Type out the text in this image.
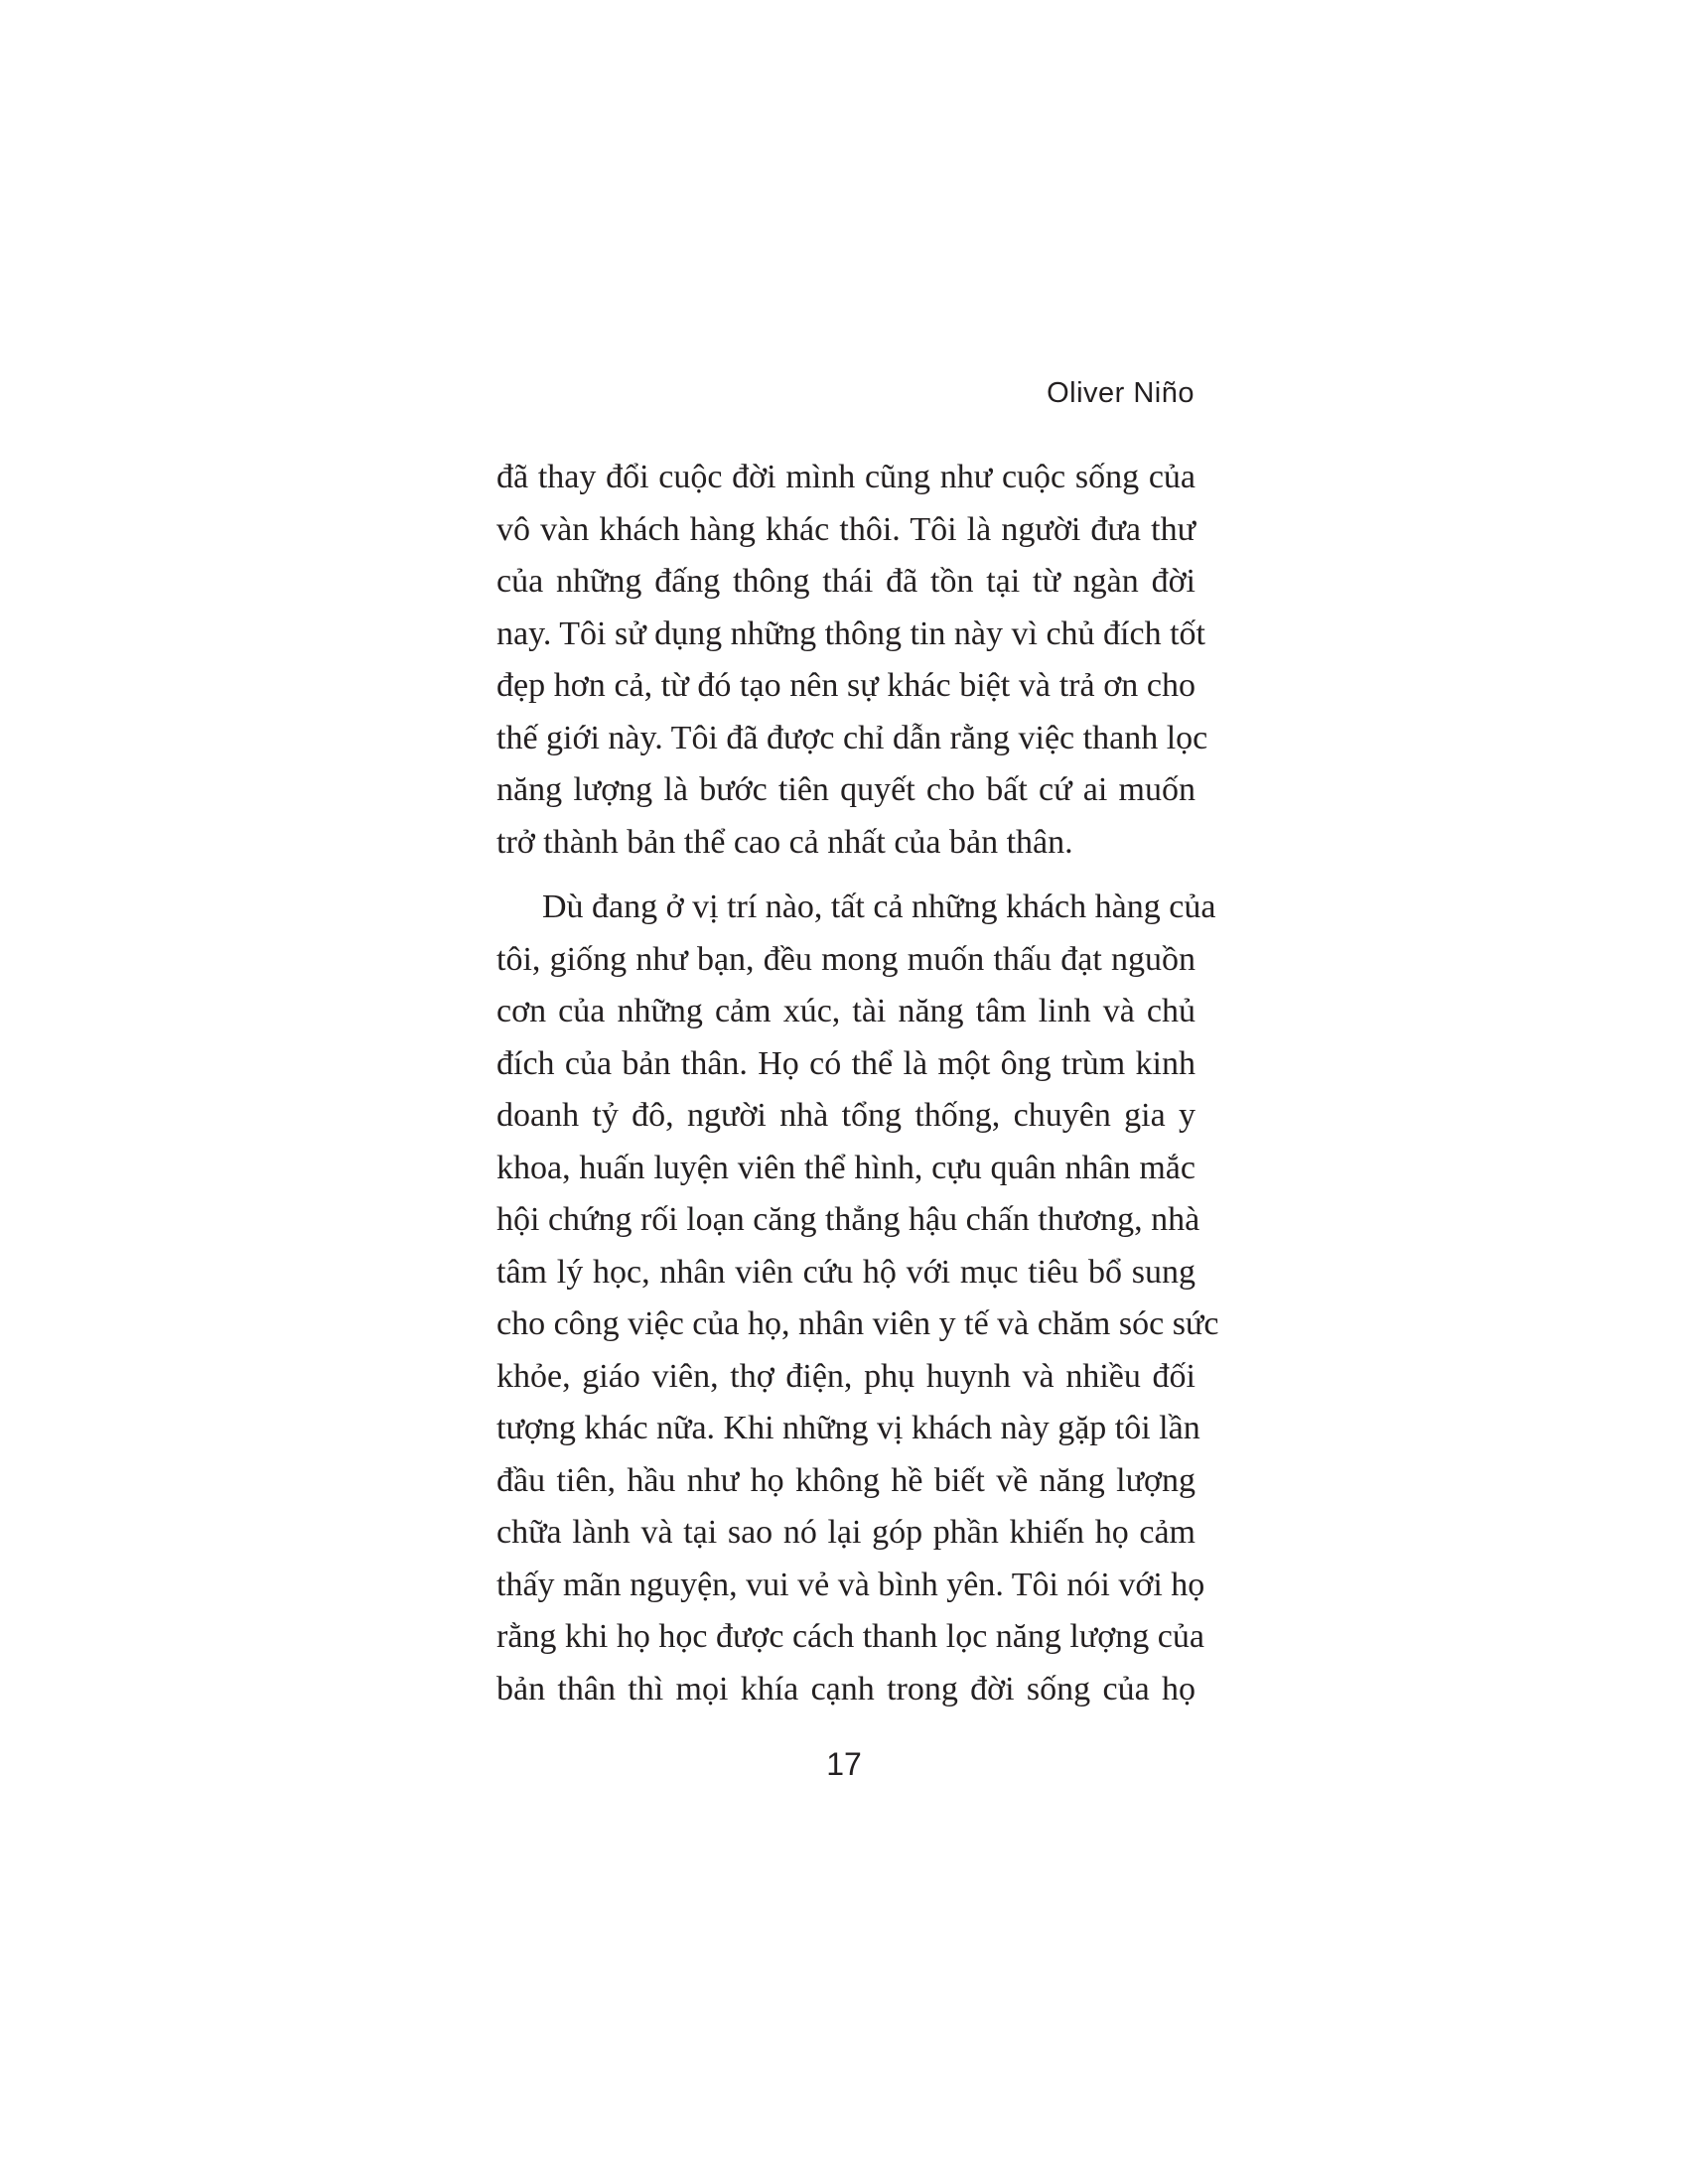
Oliver Niño

đã thay đổi cuộc đời mình cũng như cuộc sống của
vô vàn khách hàng khác thôi. Tôi là người đưa thư
của những đấng thông thái đã tồn tại từ ngàn đời
nay. Tôi sử dụng những thông tin này vì chủ đích tốt
đẹp hơn cả, từ đó tạo nên sự khác biệt và trả ơn cho
thế giới này. Tôi đã được chỉ dẫn rằng việc thanh lọc
năng lượng là bước tiên quyết cho bất cứ ai muốn
trở thành bản thể cao cả nhất của bản thân.

Dù đang ở vị trí nào, tất cả những khách hàng của
tôi, giống như bạn, đều mong muốn thấu đạt nguồn
cơn của những cảm xúc, tài năng tâm linh và chủ
đích của bản thân. Họ có thể là một ông trùm kinh
doanh tỷ đô, người nhà tổng thống, chuyên gia y
khoa, huấn luyện viên thể hình, cựu quân nhân mắc
hội chứng rối loạn căng thẳng hậu chấn thương, nhà
tâm lý học, nhân viên cứu hộ với mục tiêu bổ sung
cho công việc của họ, nhân viên y tế và chăm sóc sức
khỏe, giáo viên, thợ điện, phụ huynh và nhiều đối
tượng khác nữa. Khi những vị khách này gặp tôi lần
đầu tiên, hầu như họ không hề biết về năng lượng
chữa lành và tại sao nó lại góp phần khiến họ cảm
thấy mãn nguyện, vui vẻ và bình yên. Tôi nói với họ
rằng khi họ học được cách thanh lọc năng lượng của
bản thân thì mọi khía cạnh trong đời sống của họ

17
